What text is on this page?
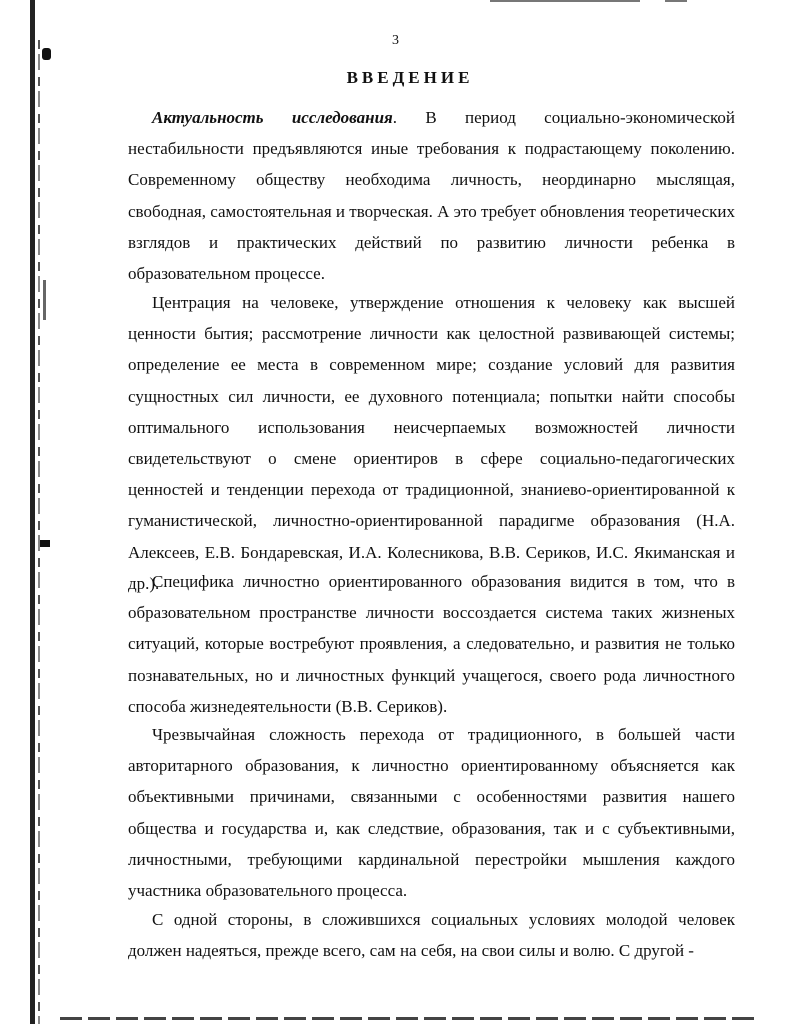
3
ВВЕДЕНИЕ

Актуальность исследования. В период социально-экономической нестабильности предъявляются иные требования к подрастающему поколению. Современному обществу необходима личность, неординарно мыслящая, свободная, самостоятельная и творческая. А это требует обновления теоретических взглядов и практических действий по развитию личности ребенка в образовательном процессе.

Центрация на человеке, утверждение отношения к человеку как высшей ценности бытия; рассмотрение личности как целостной развивающей системы; определение ее места в современном мире; создание условий для развития сущностных сил личности, ее духовного потенциала; попытки найти способы оптимального использования неисчерпаемых возможностей личности свидетельствуют о смене ориентиров в сфере социально-педагогических ценностей и тенденции перехода от традиционной, знаниево-ориентированной к гуманистической, личностно-ориентированной парадигме образования (Н.А. Алексеев, Е.В. Бондаревская, И.А. Колесникова, В.В. Сериков, И.С. Якиманская и др.).

Специфика личностно ориентированного образования видится в том, что в образовательном пространстве личности воссоздается система таких жизненых ситуаций, которые востребуют проявления, а следовательно, и развития не только познавательных, но и личностных функций учащегося, своего рода личностного способа жизнедеятельности (В.В. Сериков).

Чрезвычайная сложность перехода от традиционного, в большей части авторитарного образования, к личностно ориентированному объясняется как объективными причинами, связанными с особенностями развития нашего общества и государства и, как следствие, образования, так и с субъективными, личностными, требующими кардинальной перестройки мышления каждого участника образовательного процесса.

С одной стороны, в сложившихся социальных условиях молодой человек должен надеяться, прежде всего, сам на себя, на свои силы и волю. С другой -
